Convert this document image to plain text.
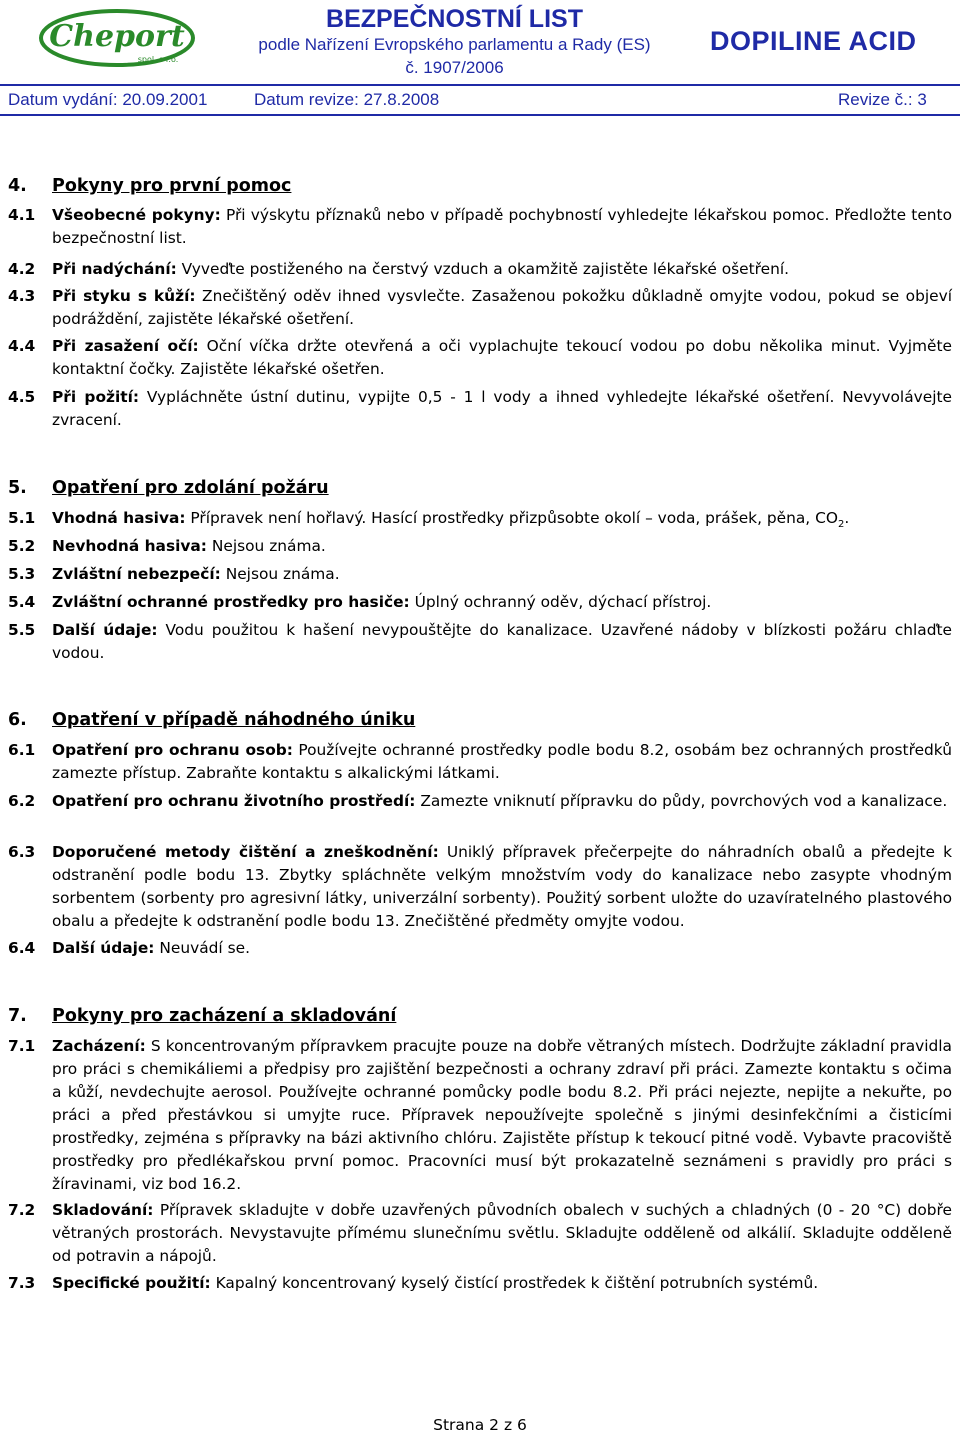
Cheport
spol. s r.o.
BEZPEČNOSTNÍ LIST
podle Nařízení Evropského parlamentu a Rady (ES)
č. 1907/2006
DOPILINE ACID
Datum vydání: 20.09.2001	Datum revize: 27.8.2008	Revize č.: 3
4. Pokyny pro první pomoc
4.1 Všeobecné pokyny: Při výskytu příznaků nebo v případě pochybností vyhledejte lékařskou pomoc. Předložte tento bezpečnostní list.
4.2 Při nadýchání: Vyveďte postiženého na čerstvý vzduch a okamžitě zajistěte lékařské ošetření.
4.3 Při styku s kůží: Znečištěný oděv ihned vysvlečte. Zasaženou pokožku důkladně omyjte vodou, pokud se objeví podráždění, zajistěte lékařské ošetření.
4.4 Při zasažení očí: Oční víčka držte otevřená a oči vyplachujte tekoucí vodou po dobu několika minut. Vyjměte kontaktní čočky. Zajistěte lékařské ošetřen.
4.5 Při požití: Vypláchněte ústní dutinu, vypijte 0,5 - 1 l vody a ihned vyhledejte lékařské ošetření. Nevyvolávejte zvracení.
5. Opatření pro zdolání požáru
5.1 Vhodná hasiva: Přípravek není hořlavý. Hasící prostředky přizpůsobte okolí – voda, prášek, pěna, $CO_2$.
5.2 Nevhodná hasiva: Nejsou známa.
5.3 Zvláštní nebezpečí: Nejsou známa.
5.4 Zvláštní ochranné prostředky pro hasiče: Úplný ochranný oděv, dýchací přístroj.
5.5 Další údaje: Vodu použitou k hašení nevypouštějte do kanalizace. Uzavřené nádoby v blízkosti požáru chlaďte vodou.
6. Opatření v případě náhodného úniku
6.1 Opatření pro ochranu osob: Používejte ochranné prostředky podle bodu 8.2, osobám bez ochranných prostředků zamezte přístup. Zabraňte kontaktu s alkalickými látkami.
6.2 Opatření pro ochranu životního prostředí: Zamezte vniknutí přípravku do půdy, povrchových vod a kanalizace.
6.3 Doporučené metody čištění a zneškodnění: Uniklý přípravek přečerpejte do náhradních obalů a předejte k odstranění podle bodu 13. Zbytky spláchněte velkým množstvím vody do kanalizace nebo zasypte vhodným sorbentem (sorbenty pro agresivní látky, univerzální sorbenty). Použitý sorbent uložte do uzavíratelného plastového obalu a předejte k odstranění podle bodu 13. Znečištěné předměty omyjte vodou.
6.4 Další údaje: Neuvádí se.
7. Pokyny pro zacházení a skladování
7.1 Zacházení: S koncentrovaným přípravkem pracujte pouze na dobře větraných místech. Dodržujte základní pravidla pro práci s chemikáliemi a předpisy pro zajištění bezpečnosti a ochrany zdraví při práci. Zamezte kontaktu s očima a kůží, nevdechujte aerosol. Používejte ochranné pomůcky podle bodu 8.2. Při práci nejezte, nepijte a nekuřte, po práci a před přestávkou si umyjte ruce. Přípravek nepoužívejte společně s jinými desinfekčními a čisticími prostředky, zejména s přípravky na bázi aktivního chlóru. Zajistěte přístup k tekoucí pitné vodě. Vybavte pracoviště prostředky pro předlékařskou první pomoc. Pracovníci musí být prokazatelně seznámeni s pravidly pro práci s žíravinami, viz bod 16.2.
7.2 Skladování: Přípravek skladujte v dobře uzavřených původních obalech v suchých a chladných (0 - 20 °C) dobře větraných prostorách. Nevystavujte přímému slunečnímu světlu. Skladujte odděleně od alkálií. Skladujte odděleně od potravin a nápojů.
7.3 Specifické použití: Kapalný koncentrovaný kyselý čistící prostředek k čištění potrubních systémů.
Strana 2 z 6
